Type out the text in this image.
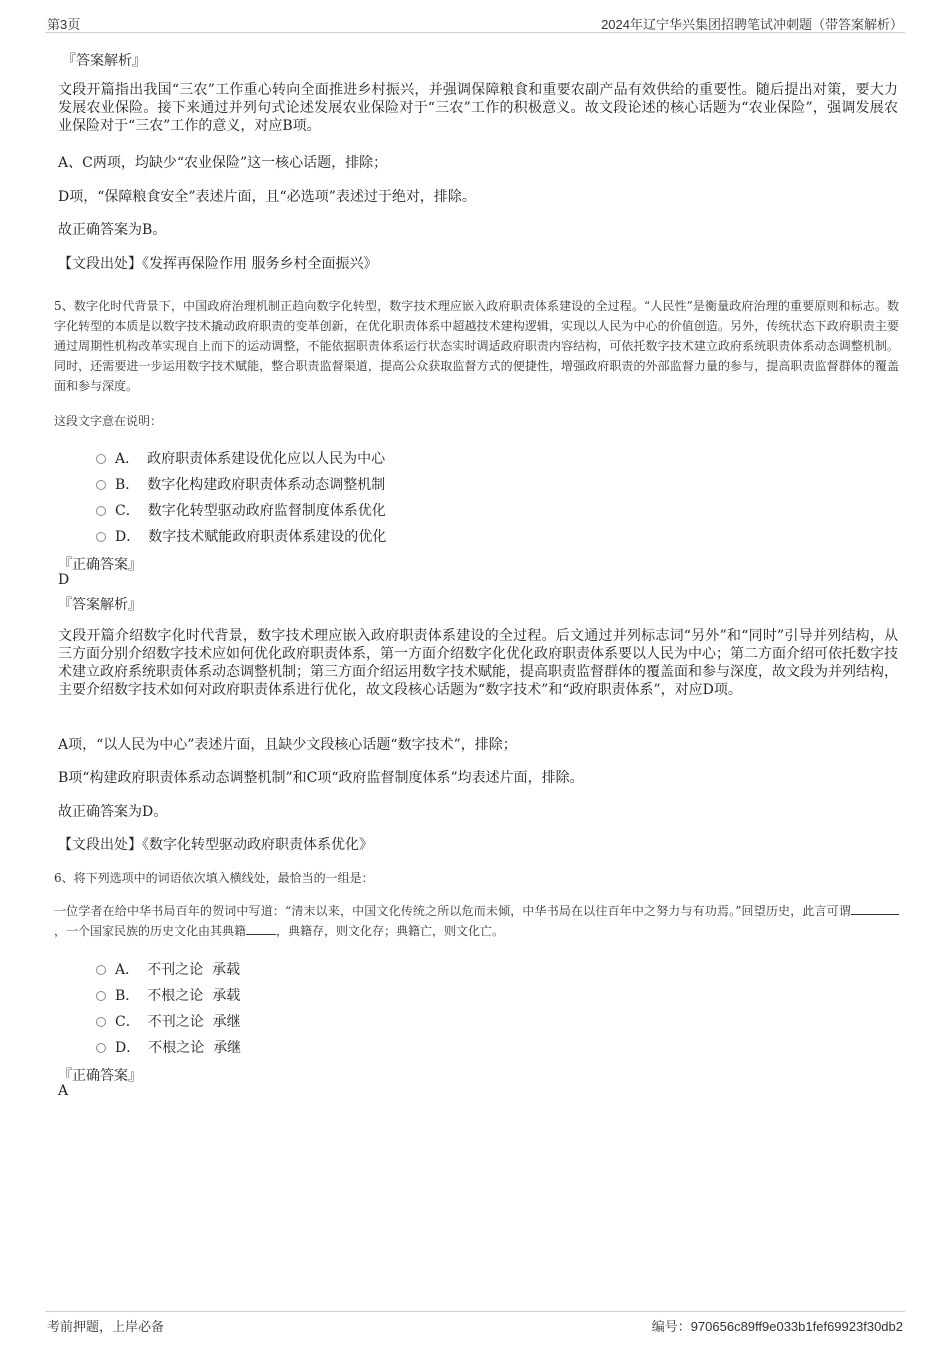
第3页	2024年辽宁华兴集团招聘笔试冲刺题（带答案解析）
『答案解析』
文段开篇指出我国“三农”工作重心转向全面推进乡村振兴，并强调保障粮食和重要农副产品有效供给的重要性。随后提出对策，要大力发展农业保险。接下来通过并列句式论述发展农业保险对于“三农”工作的积极意义。故文段论述的核心话题为“农业保险”，强调发展农业保险对于“三农”工作的意义，对应B项。
A、C两项，均缺少“农业保险”这一核心话题，排除；
D项，“保障粮食安全”表述片面，且“必选项”表述过于绝对，排除。
故正确答案为B。
【文段出处】《发挥再保险作用 服务乡村全面振兴》
5、数字化时代背景下，中国政府治理机制正趋向数字化转型，数字技术理应嵌入政府职责体系建设的全过程。“人民性”是衡量政府治理的重要原则和标志。数字化转型的本质是以数字技术撬动政府职责的变革创新，在优化职责体系中超越技术建构逻辑，实现以人民为中心的价值创造。另外，传统状态下政府职责主要通过周期性机构改革实现自上而下的运动调整，不能依据职责体系运行状态实时调适政府职责内容结构，可依托数字技术建立政府系统职责体系动态调整机制。同时，还需要进一步运用数字技术赋能，整合职责监督渠道，提高公众获取监督方式的便捷性，增强政府职责的外部监督力量的参与，提高职责监督群体的覆盖面和参与深度。
这段文字意在说明：
A． 政府职责体系建设优化应以人民为中心
B． 数字化构建政府职责体系动态调整机制
C． 数字化转型驱动政府监督制度体系优化
D． 数字技术赋能政府职责体系建设的优化
『正确答案』
D
『答案解析』
文段开篇介绍数字化时代背景，数字技术理应嵌入政府职责体系建设的全过程。后文通过并列标志词“另外”和“同时”引导并列结构，从三方面分别介绍数字技术应如何优化政府职责体系，第一方面介绍数字化优化政府职责体系要以人民为中心；第二方面介绍可依托数字技术建立政府系统职责体系动态调整机制；第三方面介绍运用数字技术赋能，提高职责监督群体的覆盖面和参与深度，故文段为并列结构，主要介绍数字技术如何对政府职责体系进行优化，故文段核心话题为“数字技术”和“政府职责体系”，对应D项。
A项，“以人民为中心”表述片面，且缺少文段核心话题“数字技术”，排除；
B项“构建政府职责体系动态调整机制”和C项“政府监督制度体系”均表述片面，排除。
故正确答案为D。
【文段出处】《数字化转型驱动政府职责体系优化》
6、将下列选项中的词语依次填入横线处，最恰当的一组是：
一位学者在给中华书局百年的贺词中写道：“清末以来，中国文化传统之所以危而未倾，中华书局在以往百年中之努力与有功焉。”回望历史，此言可谓，一个国家民族的历史文化由其典籍	，典籍存，则文化存；典籍亡，则文化亡。
A． 不刊之论  承载
B． 不根之论  承载
C． 不刊之论  承继
D． 不根之论  承继
『正确答案』
A
考前押题，上岸必备	编号：970656c89ff9e033b1fef69923f30db2
